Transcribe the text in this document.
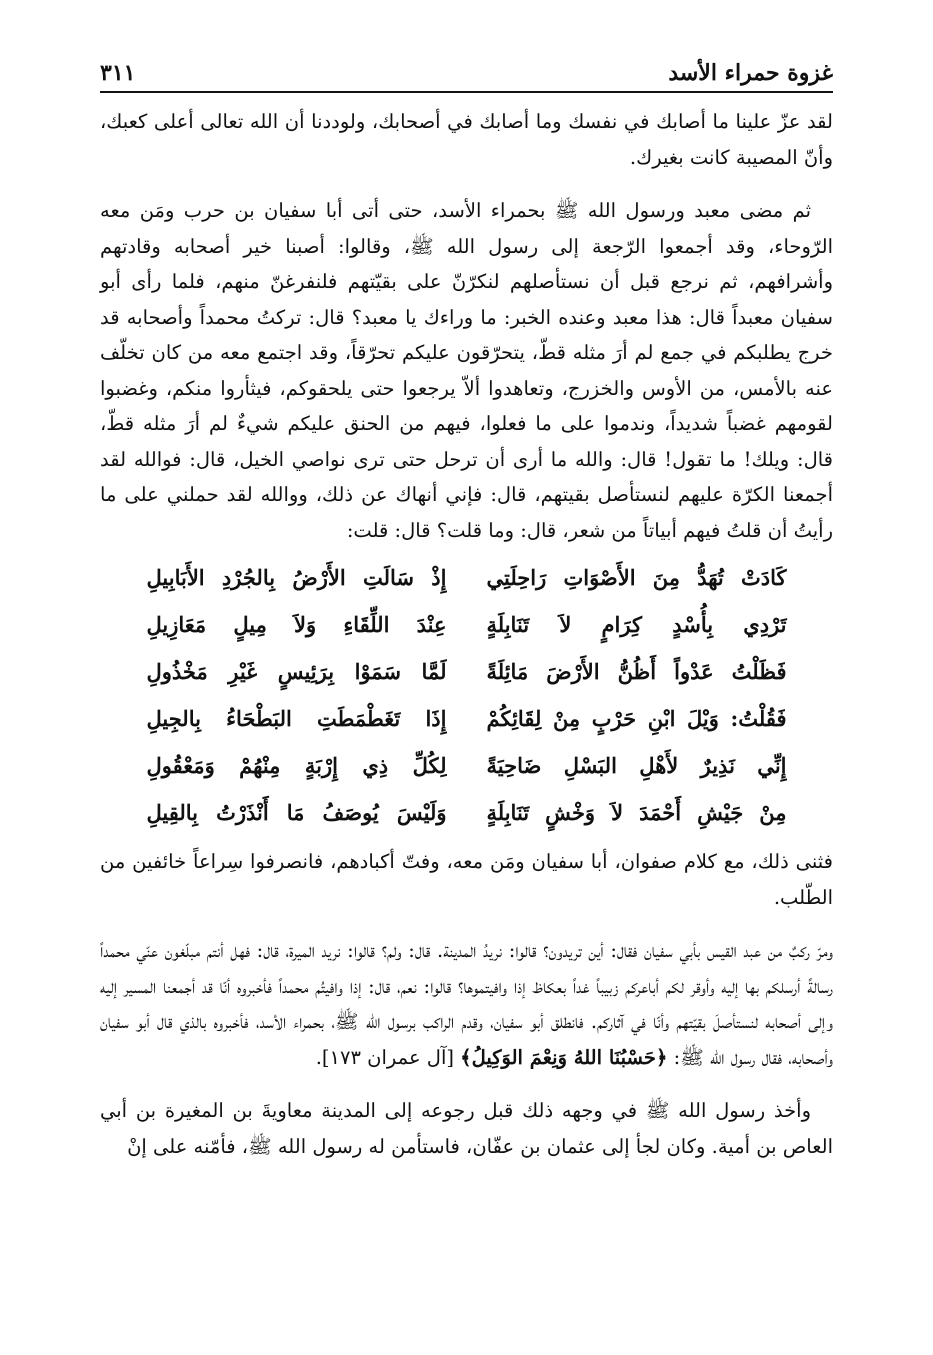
غزوة حمراء الأسد
٣١١

لقد عزّ علينا ما أصابك في نفسك وما أصابك في أصحابك، ولوددنا أن الله تعالى أعلى كعبك، وأنّ المصيبة كانت بغيرك.

ثم مضى معبد ورسول الله ﷺ بحمراء الأسد، حتى أتى أبا سفيان بن حرب ومَن معه الرّوحاء، وقد أجمعوا الرّجعة إلى رسول الله ﷺ، وقالوا: أصبنا خير أصحابه وقادتهم وأشرافهم، ثم نرجع قبل أن نستأصلهم لنكرّنّ على بقيّتهم فلنفرغنّ منهم، فلما رأى أبو سفيان معبداً قال: هذا معبد وعنده الخبر: ما وراءك يا معبد؟ قال: تركتُ محمداً وأصحابه قد خرج يطلبكم في جمع لم أرَ مثله قطّ، يتحرّقون عليكم تحرّقاً، وقد اجتمع معه من كان تخلّف عنه بالأمس، من الأوس والخزرج، وتعاهدوا ألاّ يرجعوا حتى يلحقوكم، فيثأروا منكم، وغضبوا لقومهم غضباً شديداً، وندموا على ما فعلوا، فيهم من الحنق عليكم شيءٌ لم أرَ مثله قطّ، قال: ويلك! ما تقول! قال: والله ما أرى أن ترحل حتى ترى نواصي الخيل، قال: فوالله لقد أجمعنا الكرّة عليهم لنستأصل بقيتهم، قال: فإني أنهاك عن ذلك، ووالله لقد حملني على ما رأيتُ أن قلتُ فيهم أبياتاً من شعر، قال: وما قلت؟ قال: قلت:

كَادَتْ تُهَدُّ مِنَ الأَصْوَاتِ رَاحِلَتِي
إِذْ سَالَتِ الأَرْضُ بِالجُرْدِ الأَبَابِيلِ
تَرْدِي بِأُسْدٍ كِرَامٍ لاَ تَنَابِلَةٍ
عِنْدَ اللِّقَاءِ وَلاَ مِيلٍ مَعَازِيلِ
فَظَلْتُ عَدْواً أَظُنُّ الأَرْضَ مَائِلَةً
لَمَّا سَمَوْا بِرَئِيسٍ غَيْرِ مَخْذُولِ
فَقُلْتُ: وَيْلَ ابْنِ حَرْبٍ مِنْ لِقَائِكُمْ
إِذَا تَغَطْمَطَتِ البَطْحَاءُ بِالجِيلِ
إِنِّي نَذِيرٌ لأَهْلِ البَسْلِ ضَاحِيَةً
لِكُلِّ ذِي إِرْبَةٍ مِنْهُمْ وَمَعْقُولِ
مِنْ جَيْشِ أَحْمَدَ لاَ وَخْشٍ تَنَابِلَةٍ
وَلَيْسَ يُوصَفُ مَا أَنْذَرْتُ بِالقِيلِ

فثنى ذلك، مع كلام صفوان، أبا سفيان ومَن معه، وفتّ أكبادهم، فانصرفوا سِراعاً خائفين من الطّلب.

ومرّ ركبٌ من عبد القيس بأبي سفيان فقال: أين تريدون؟ قالوا: نريدُ المدينة. قال: ولم؟ قالوا: نريد الميرة، قال: فهل أنتم مبلّغون عنّي محمداً رسالةً أرسلكم بها إليه وأوقر لكم أباعركم زبيباً غداً بعكاظ إذا وافيتموها؟ قالوا: نعم، قال: إذا وافيتُم محمداً فأخبروه أنّا قد أجمعنا المسير إليه وإلى أصحابه لنستأصلَ بقيّتهم وأنّا في آثاركم. فانطلق أبو سفيان، وقدم الراكب برسول الله ﷺ، بحمراء الأسد، فأخبروه بالذي قال أبو سفيان وأصحابه، فقال رسول الله ﷺ: ﴿حَسْبُنَا اللهُ وَنِعْمَ الوَكِيلُ﴾ [آل عمران ١٧٣].

وأخذ رسول الله ﷺ في وجهه ذلك قبل رجوعه إلى المدينة معاويةَ بن المغيرة بن أبي العاص بن أمية. وكان لجأ إلى عثمان بن عفّان، فاستأمن له رسول الله ﷺ، فأمّنه على إنْ
